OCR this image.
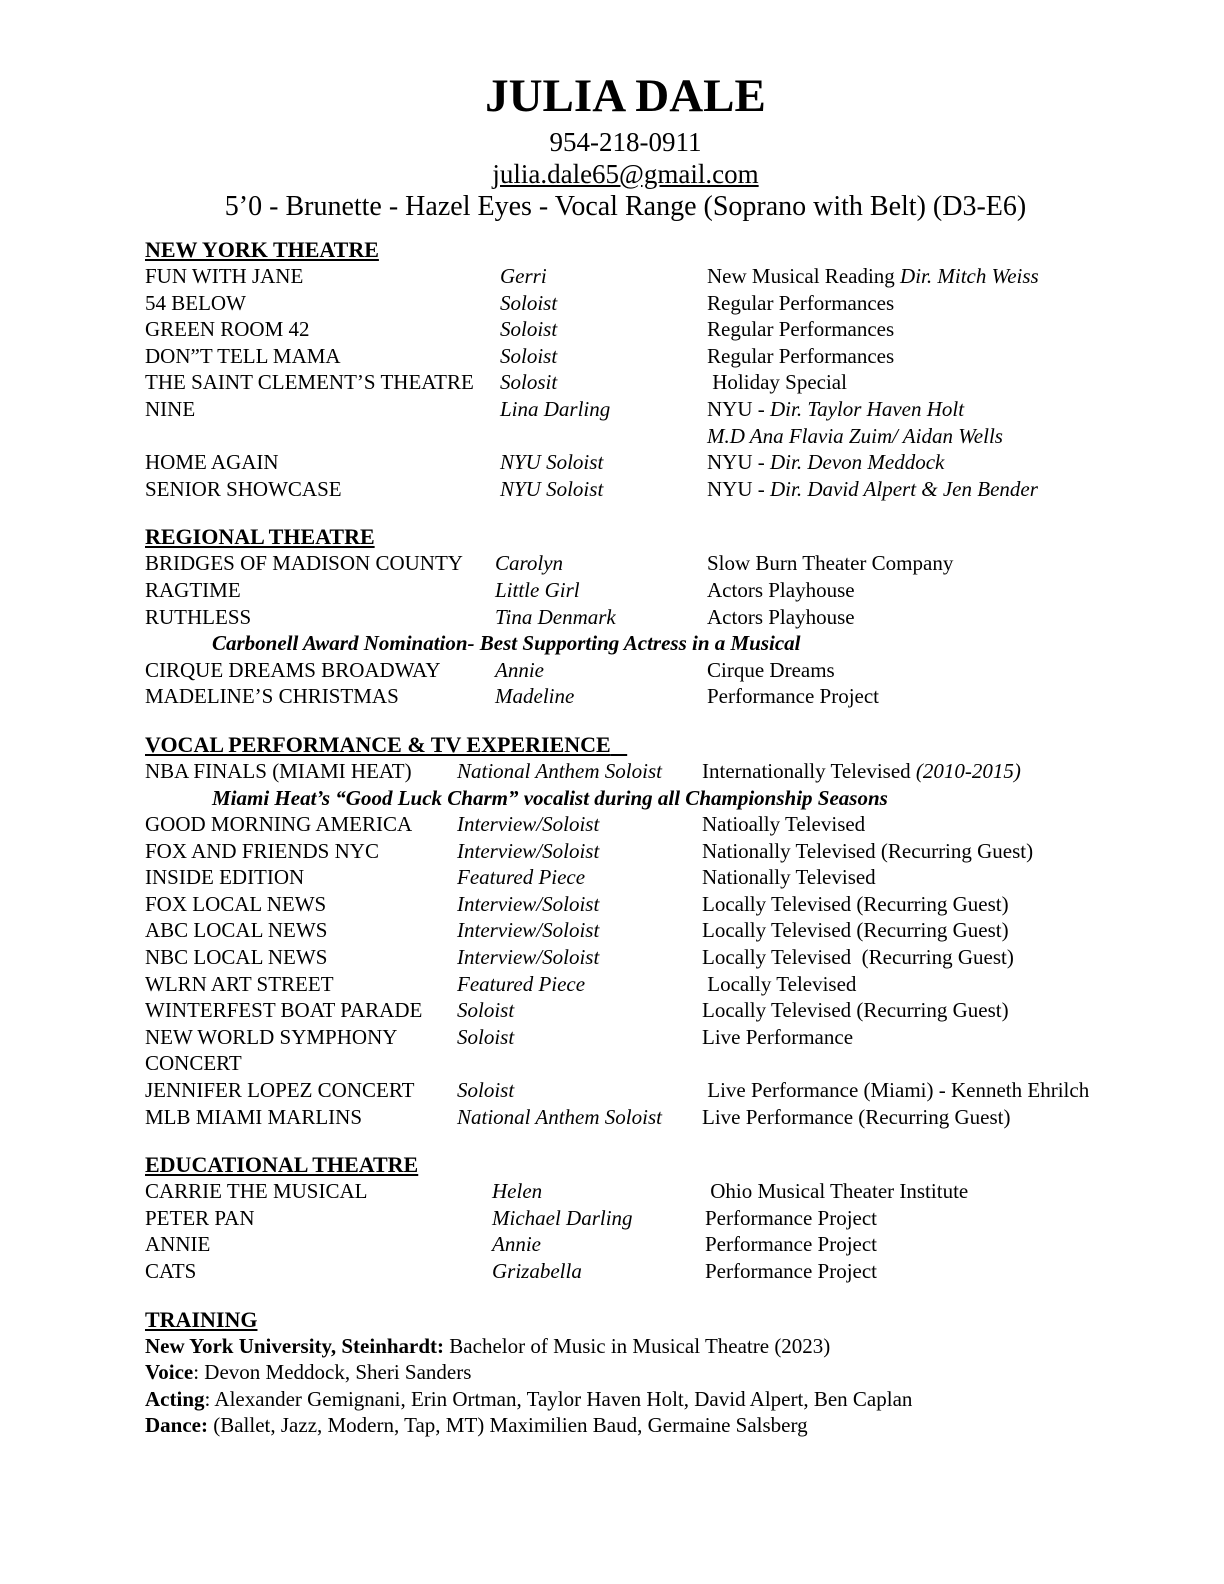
JULIA DALE
954-218-0911
julia.dale65@gmail.com
5’0 - Brunette - Hazel Eyes - Vocal Range (Soprano with Belt) (D3-E6)
NEW YORK THEATRE
FUN WITH JANE	Gerri	New Musical Reading Dir. Mitch Weiss
54 BELOW	Soloist	Regular Performances
GREEN ROOM 42	Soloist	Regular Performances
DON”T TELL MAMA	Soloist	Regular Performances
THE SAINT CLEMENT’S THEATRE	Solosit	Holiday Special
NINE	Lina Darling	NYU - Dir. Taylor Haven Holt

M.D Ana Flavia Zuim/ Aidan Wells
HOME AGAIN	NYU Soloist	NYU - Dir. Devon Meddock
SENIOR SHOWCASE	NYU Soloist	NYU - Dir. David Alpert & Jen Bender
REGIONAL THEATRE
BRIDGES OF MADISON COUNTY	Carolyn	Slow Burn Theater Company
RAGTIME	Little Girl	Actors Playhouse
RUTHLESS	Tina Denmark	Actors Playhouse
Carbonell Award Nomination- Best Supporting Actress in a Musical
CIRQUE DREAMS BROADWAY	Annie	Cirque Dreams
MADELINE’S CHRISTMAS	Madeline	Performance Project
VOCAL PERFORMANCE & TV EXPERIENCE
NBA FINALS (MIAMI HEAT)	National Anthem Soloist	Internationally Televised (2010-2015)
Miami Heat’s “Good Luck Charm” vocalist during all Championship Seasons
GOOD MORNING AMERICA	Interview/Soloist	Natioally Televised
FOX AND FRIENDS NYC	Interview/Soloist	Nationally Televised (Recurring Guest)
INSIDE EDITION	Featured Piece	Nationally Televised
FOX LOCAL NEWS	Interview/Soloist	Locally Televised (Recurring Guest)
ABC LOCAL NEWS	Interview/Soloist	Locally Televised (Recurring Guest)
NBC LOCAL NEWS	Interview/Soloist	Locally Televised  (Recurring Guest)
WLRN ART STREET	Featured Piece	Locally Televised
WINTERFEST BOAT PARADE	Soloist	Locally Televised (Recurring Guest)
NEW WORLD SYMPHONY	Soloist	Live Performance
CONCERT
JENNIFER LOPEZ CONCERT	Soloist	Live Performance (Miami) - Kenneth Ehrilch
MLB MIAMI MARLINS	National Anthem Soloist	Live Performance (Recurring Guest)
EDUCATIONAL THEATRE
CARRIE THE MUSICAL	Helen	Ohio Musical Theater Institute
PETER PAN	Michael Darling	Performance Project
ANNIE	Annie	Performance Project
CATS	Grizabella	Performance Project
TRAINING
New York University, Steinhardt: Bachelor of Music in Musical Theatre (2023)
Voice: Devon Meddock, Sheri Sanders
Acting: Alexander Gemignani, Erin Ortman, Taylor Haven Holt, David Alpert, Ben Caplan
Dance: (Ballet, Jazz, Modern, Tap, MT) Maximilien Baud, Germaine Salsberg
